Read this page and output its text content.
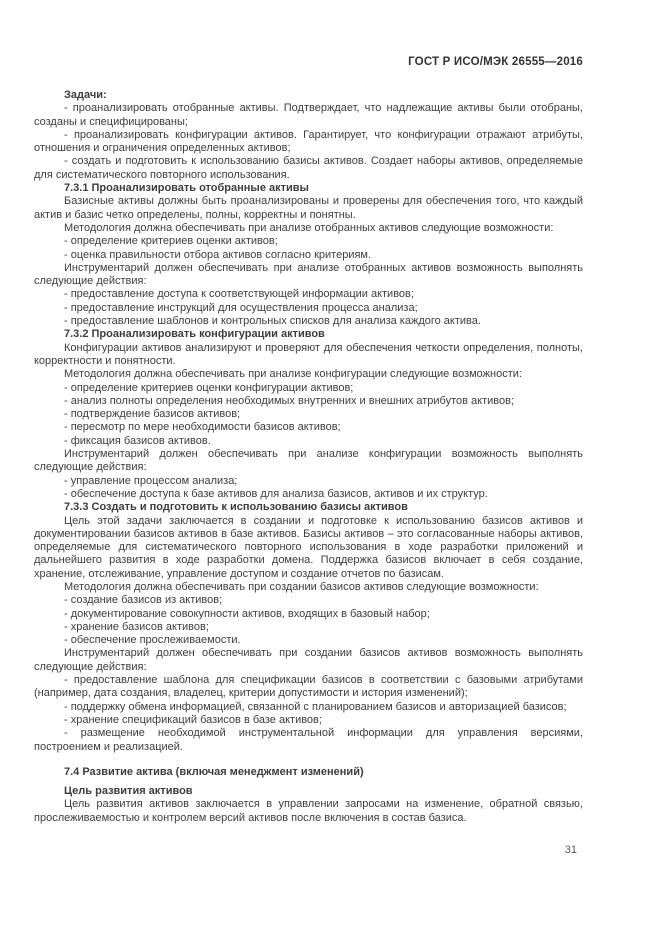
ГОСТ Р ИСО/МЭК 26555—2016

Задачи:

- проанализировать отобранные активы. Подтверждает, что надлежащие активы были отобраны, созданы и специфицированы;

- проанализировать конфигурации активов. Гарантирует, что конфигурации отражают атрибуты, отношения и ограничения определенных активов;

- создать и подготовить к использованию базисы активов. Создает наборы активов, определяемые для систематического повторного использования.

7.3.1 Проанализировать отобранные активы

Базисные активы должны быть проанализированы и проверены для обеспечения того, что каждый актив и базис четко определены, полны, корректны и понятны.

Методология должна обеспечивать при анализе отобранных активов следующие возможности:

- определение критериев оценки активов;

- оценка правильности отбора активов согласно критериям.

Инструментарий должен обеспечивать при анализе отобранных активов возможность выполнять следующие действия:

- предоставление доступа к соответствующей информации активов;

- предоставление инструкций для осуществления процесса анализа;

- предоставление шаблонов и контрольных списков для анализа каждого актива.

7.3.2 Проанализировать конфигурации активов

Конфигурации активов анализируют и проверяют для обеспечения четкости определения, полноты, корректности и понятности.

Методология должна обеспечивать при анализе конфигурации следующие возможности:

- определение критериев оценки конфигурации активов;

- анализ полноты определения необходимых внутренних и внешних атрибутов активов;

- подтверждение базисов активов;

- пересмотр по мере необходимости базисов активов;

- фиксация базисов активов.

Инструментарий должен обеспечивать при анализе конфигурации возможность выполнять следующие действия:

- управление процессом анализа;

- обеспечение доступа к базе активов для анализа базисов, активов и их структур.

7.3.3 Создать и подготовить к использованию базисы активов

Цель этой задачи заключается в создании и подготовке к использованию базисов активов и документировании базисов активов в базе активов. Базисы активов – это согласованные наборы активов, определяемые для систематического повторного использования в ходе разработки приложений и дальнейшего развития в ходе разработки домена. Поддержка базисов включает в себя создание, хранение, отслеживание, управление доступом и создание отчетов по базисам.

Методология должна обеспечивать при создании базисов активов следующие возможности:

- создание базисов из активов;

- документирование совокупности активов, входящих в базовый набор;

- хранение базисов активов;

- обеспечение прослеживаемости.

Инструментарий должен обеспечивать при создании базисов активов возможность выполнять следующие действия:

- предоставление шаблона для спецификации базисов в соответствии с базовыми атрибутами (например, дата создания, владелец, критерии допустимости и история изменений);

- поддержку обмена информацией, связанной с планированием базисов и авторизацией базисов;

- хранение спецификаций базисов в базе активов;

- размещение необходимой инструментальной информации для управления версиями, построением и реализацией.

7.4 Развитие актива (включая менеджмент изменений)

Цель развития активов

Цель развития активов заключается в управлении запросами на изменение, обратной связью, прослеживаемостью и контролем версий активов после включения в состав базиса.

31
